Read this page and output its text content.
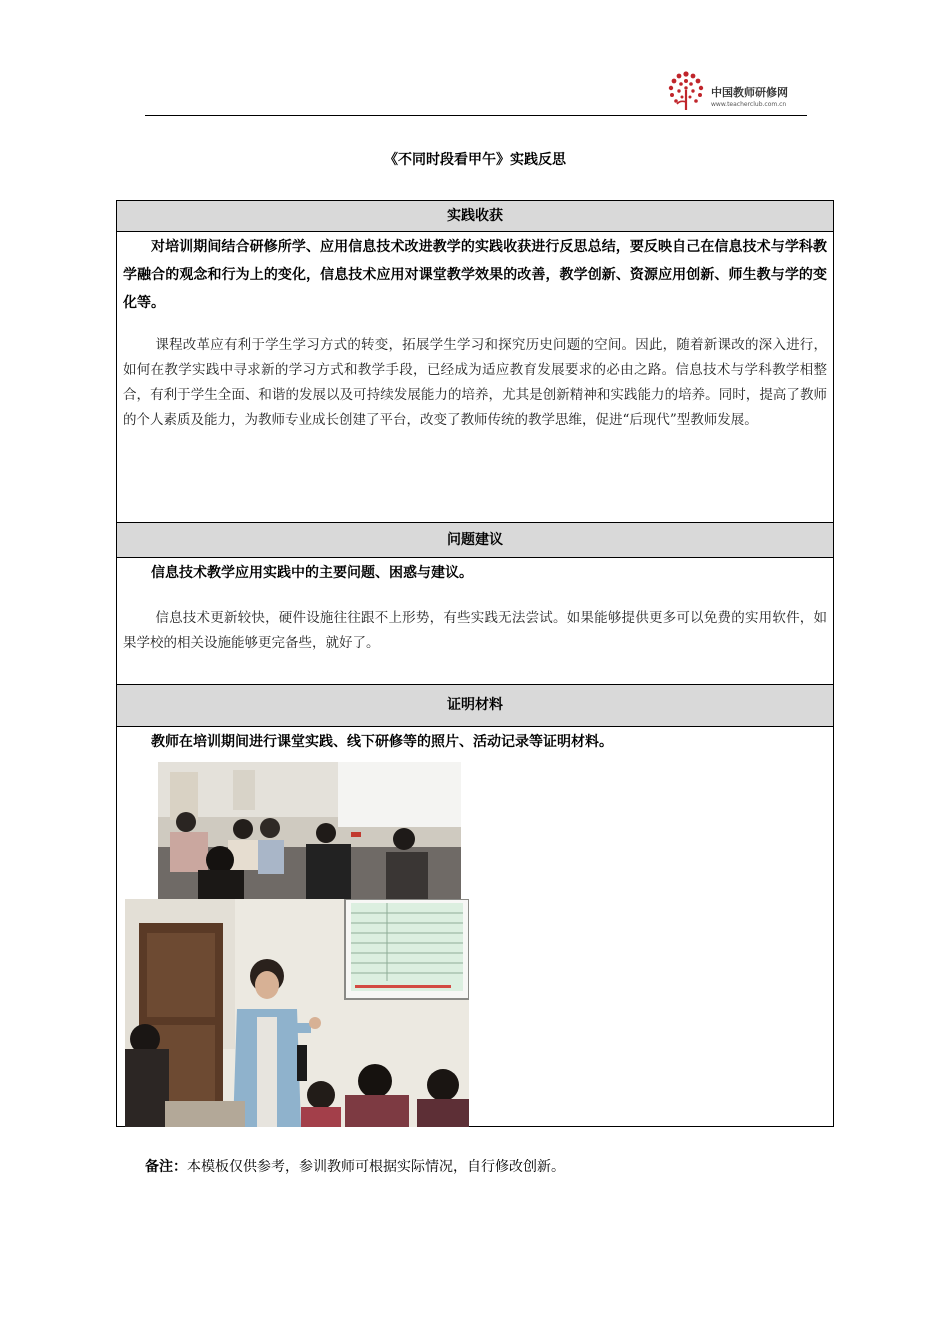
中国教师研修网
www.teacherclub.com.cn
《不同时段看甲午》实践反思
实践收获
对培训期间结合研修所学、应用信息技术改进教学的实践收获进行反思总结，要反映自己在信息技术与学科教学融合的观念和行为上的变化，信息技术应用对课堂教学效果的改善，教学创新、资源应用创新、师生教与学的变化等。
课程改革应有利于学生学习方式的转变，拓展学生学习和探究历史问题的空间。因此，随着新课改的深入进行，如何在教学实践中寻求新的学习方式和教学手段，已经成为适应教育发展要求的必由之路。信息技术与学科教学相整合，有利于学生全面、和谐的发展以及可持续发展能力的培养，尤其是创新精神和实践能力的培养。同时，提高了教师的个人素质及能力，为教师专业成长创建了平台，改变了教师传统的教学思维，促进“后现代”型教师发展。
问题建议
信息技术教学应用实践中的主要问题、困惑与建议。
信息技术更新较快，硬件设施往往跟不上形势，有些实践无法尝试。如果能够提供更多可以免费的实用软件，如果学校的相关设施能够更完备些，就好了。
证明材料
教师在培训期间进行课堂实践、线下研修等的照片、活动记录等证明材料。
备注：本模板仅供参考，参训教师可根据实际情况，自行修改创新。
